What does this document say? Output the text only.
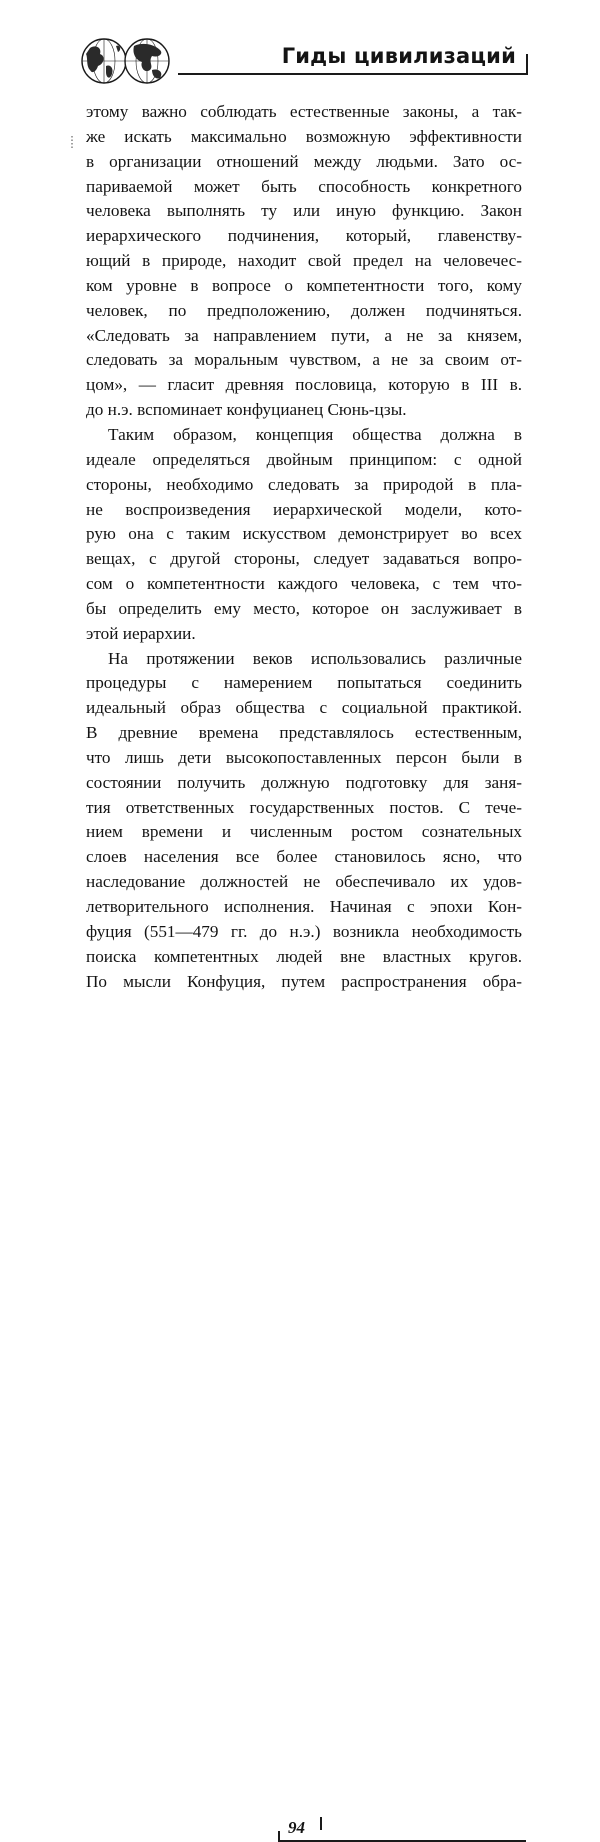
Гиды цивилизаций
этому важно соблюдать естественные законы, а так-
же искать максимально возможную эффективности
в организации отношений между людьми. Зато ос-
париваемой может быть способность конкретного
человека выполнять ту или иную функцию. Закон
иерархического подчинения, который, главенству-
ющий в природе, находит свой предел на человечес-
ком уровне в вопросе о компетентности того, кому
человек, по предположению, должен подчиняться.
«Следовать за направлением пути, а не за князем,
следовать за моральным чувством, а не за своим от-
цом», — гласит древняя пословица, которую в III в.
до н.э. вспоминает конфуцианец Сюнь-цзы.
Таким образом, концепция общества должна в
идеале определяться двойным принципом: с одной
стороны, необходимо следовать за природой в пла-
не воспроизведения иерархической модели, кото-
рую она с таким искусством демонстрирует во всех
вещах, с другой стороны, следует задаваться вопро-
сом о компетентности каждого человека, с тем что-
бы определить ему место, которое он заслуживает в
этой иерархии.
На протяжении веков использовались различные
процедуры с намерением попытаться соединить
идеальный образ общества с социальной практикой.
В древние времена представлялось естественным,
что лишь дети высокопоставленных персон были в
состоянии получить должную подготовку для заня-
тия ответственных государственных постов. С тече-
нием времени и численным ростом сознательных
слоев населения все более становилось ясно, что
наследование должностей не обеспечивало их удов-
летворительного исполнения. Начиная с эпохи Кон-
фуция (551—479 гг. до н.э.) возникла необходимость
поиска компетентных людей вне властных кругов.
По мысли Конфуция, путем распространения обра-
94
